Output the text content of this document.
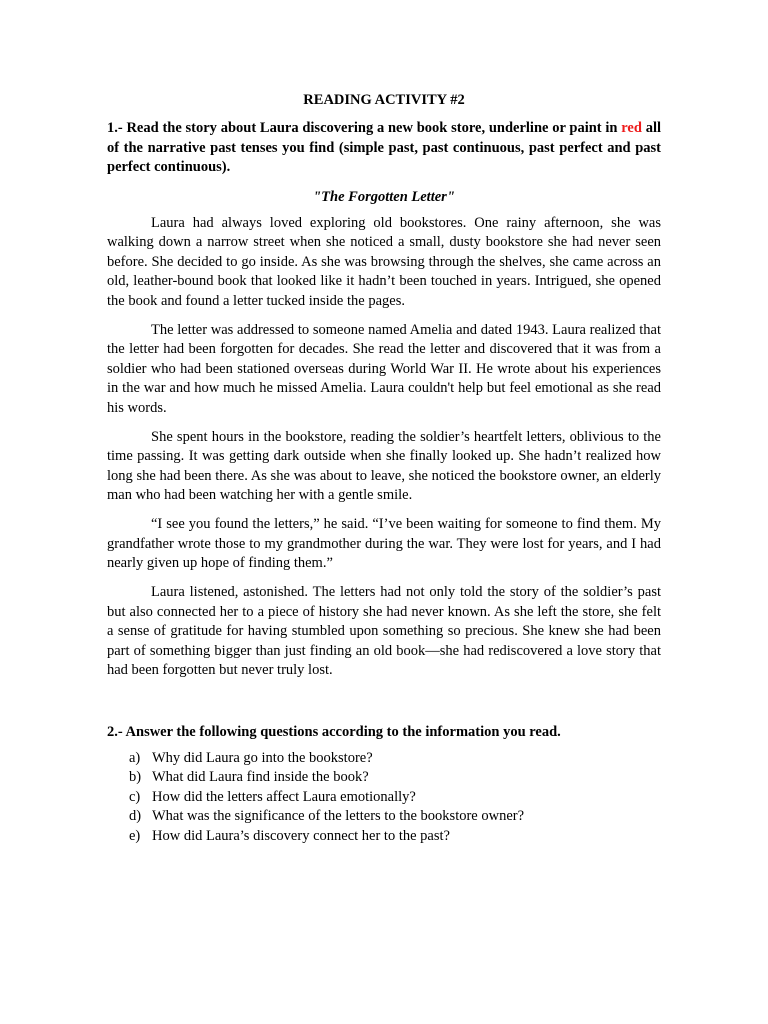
READING ACTIVITY #2
1.- Read the story about Laura discovering a new book store, underline or paint in red all of the narrative past tenses you find (simple past, past continuous, past perfect and past perfect continuous).
"The Forgotten Letter"

Laura had always loved exploring old bookstores. One rainy afternoon, she was walking down a narrow street when she noticed a small, dusty bookstore she had never seen before. She decided to go inside. As she was browsing through the shelves, she came across an old, leather-bound book that looked like it hadn’t been touched in years. Intrigued, she opened the book and found a letter tucked inside the pages.

The letter was addressed to someone named Amelia and dated 1943. Laura realized that the letter had been forgotten for decades. She read the letter and discovered that it was from a soldier who had been stationed overseas during World War II. He wrote about his experiences in the war and how much he missed Amelia. Laura couldn't help but feel emotional as she read his words.

She spent hours in the bookstore, reading the soldier’s heartfelt letters, oblivious to the time passing. It was getting dark outside when she finally looked up. She hadn’t realized how long she had been there. As she was about to leave, she noticed the bookstore owner, an elderly man who had been watching her with a gentle smile.

“I see you found the letters,” he said. “I’ve been waiting for someone to find them. My grandfather wrote those to my grandmother during the war. They were lost for years, and I had nearly given up hope of finding them.”

Laura listened, astonished. The letters had not only told the story of the soldier’s past but also connected her to a piece of history she had never known. As she left the store, she felt a sense of gratitude for having stumbled upon something so precious. She knew she had been part of something bigger than just finding an old book—she had rediscovered a love story that had been forgotten but never truly lost.

2.- Answer the following questions according to the information you read.
a) Why did Laura go into the bookstore?
b) What did Laura find inside the book?
c) How did the letters affect Laura emotionally?
d) What was the significance of the letters to the bookstore owner?
e) How did Laura’s discovery connect her to the past?
